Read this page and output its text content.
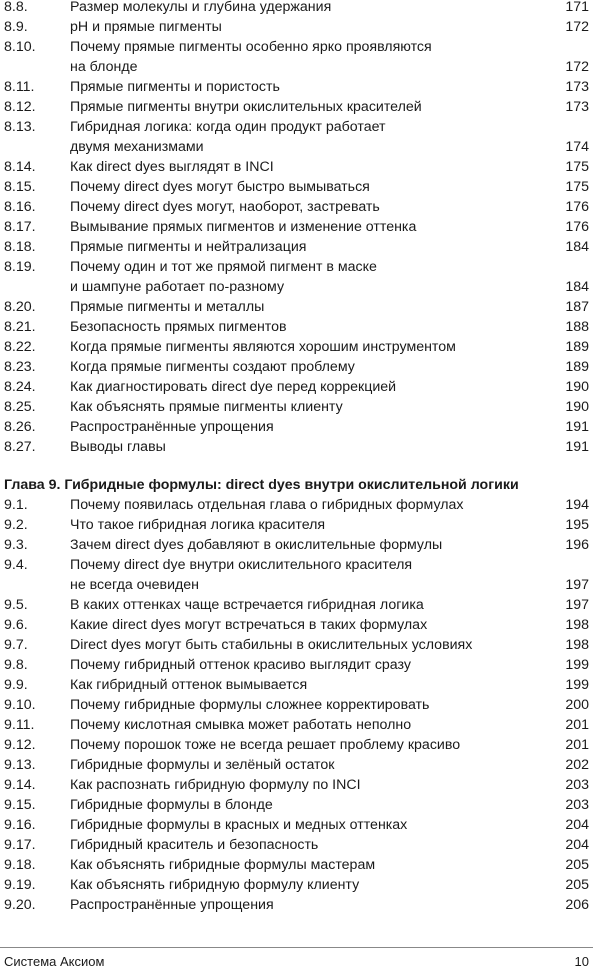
8.8.	Размер молекулы и глубина удержания	171
8.9.	pH и прямые пигменты	172
8.10. Почему прямые пигменты особенно ярко проявляются
на блонде	172
8.11. Прямые пигменты и пористость	173
8.12. Прямые пигменты внутри окислительных красителей	173
8.13. Гибридная логика: когда один продукт работает
двумя механизмами	174
8.14. Как direct dyes выглядят в INCI	175
8.15. Почему direct dyes могут быстро вымываться	175
8.16. Почему direct dyes могут, наоборот, застревать	176
8.17. Вымывание прямых пигментов и изменение оттенка	176
8.18. Прямые пигменты и нейтрализация	184
8.19. Почему один и тот же прямой пигмент в маске
и шампуне работает по-разному	184
8.20. Прямые пигменты и металлы	187
8.21. Безопасность прямых пигментов	188
8.22. Когда прямые пигменты являются хорошим инструментом	189
8.23. Когда прямые пигменты создают проблему	189
8.24. Как диагностировать direct dye перед коррекцией	190
8.25. Как объяснять прямые пигменты клиенту	190
8.26. Распространённые упрощения	191
8.27. Выводы главы	191
Глава 9. Гибридные формулы: direct dyes внутри окислительной логики
9.1.	Почему появилась отдельная глава о гибридных формулах	194
9.2.	Что такое гибридная логика красителя	195
9.3.	Зачем direct dyes добавляют в окислительные формулы	196
9.4.	Почему direct dye внутри окислительного красителя
не всегда очевиден	197
9.5.	В каких оттенках чаще встречается гибридная логика	197
9.6.	Какие direct dyes могут встречаться в таких формулах	198
9.7.	Direct dyes могут быть стабильны в окислительных условиях	198
9.8.	Почему гибридный оттенок красиво выглядит сразу	199
9.9.	Как гибридный оттенок вымывается	199
9.10. Почему гибридные формулы сложнее корректировать	200
9.11. Почему кислотная смывка может работать неполно	201
9.12. Почему порошок тоже не всегда решает проблему красиво	201
9.13. Гибридные формулы и зелёный остаток	202
9.14. Как распознать гибридную формулу по INCI	203
9.15. Гибридные формулы в блонде	203
9.16. Гибридные формулы в красных и медных оттенках	204
9.17. Гибридный краситель и безопасность	204
9.18. Как объяснять гибридные формулы мастерам	205
9.19. Как объяснять гибридную формулу клиенту	205
9.20. Распространённые упрощения	206
Система Аксиом	10
